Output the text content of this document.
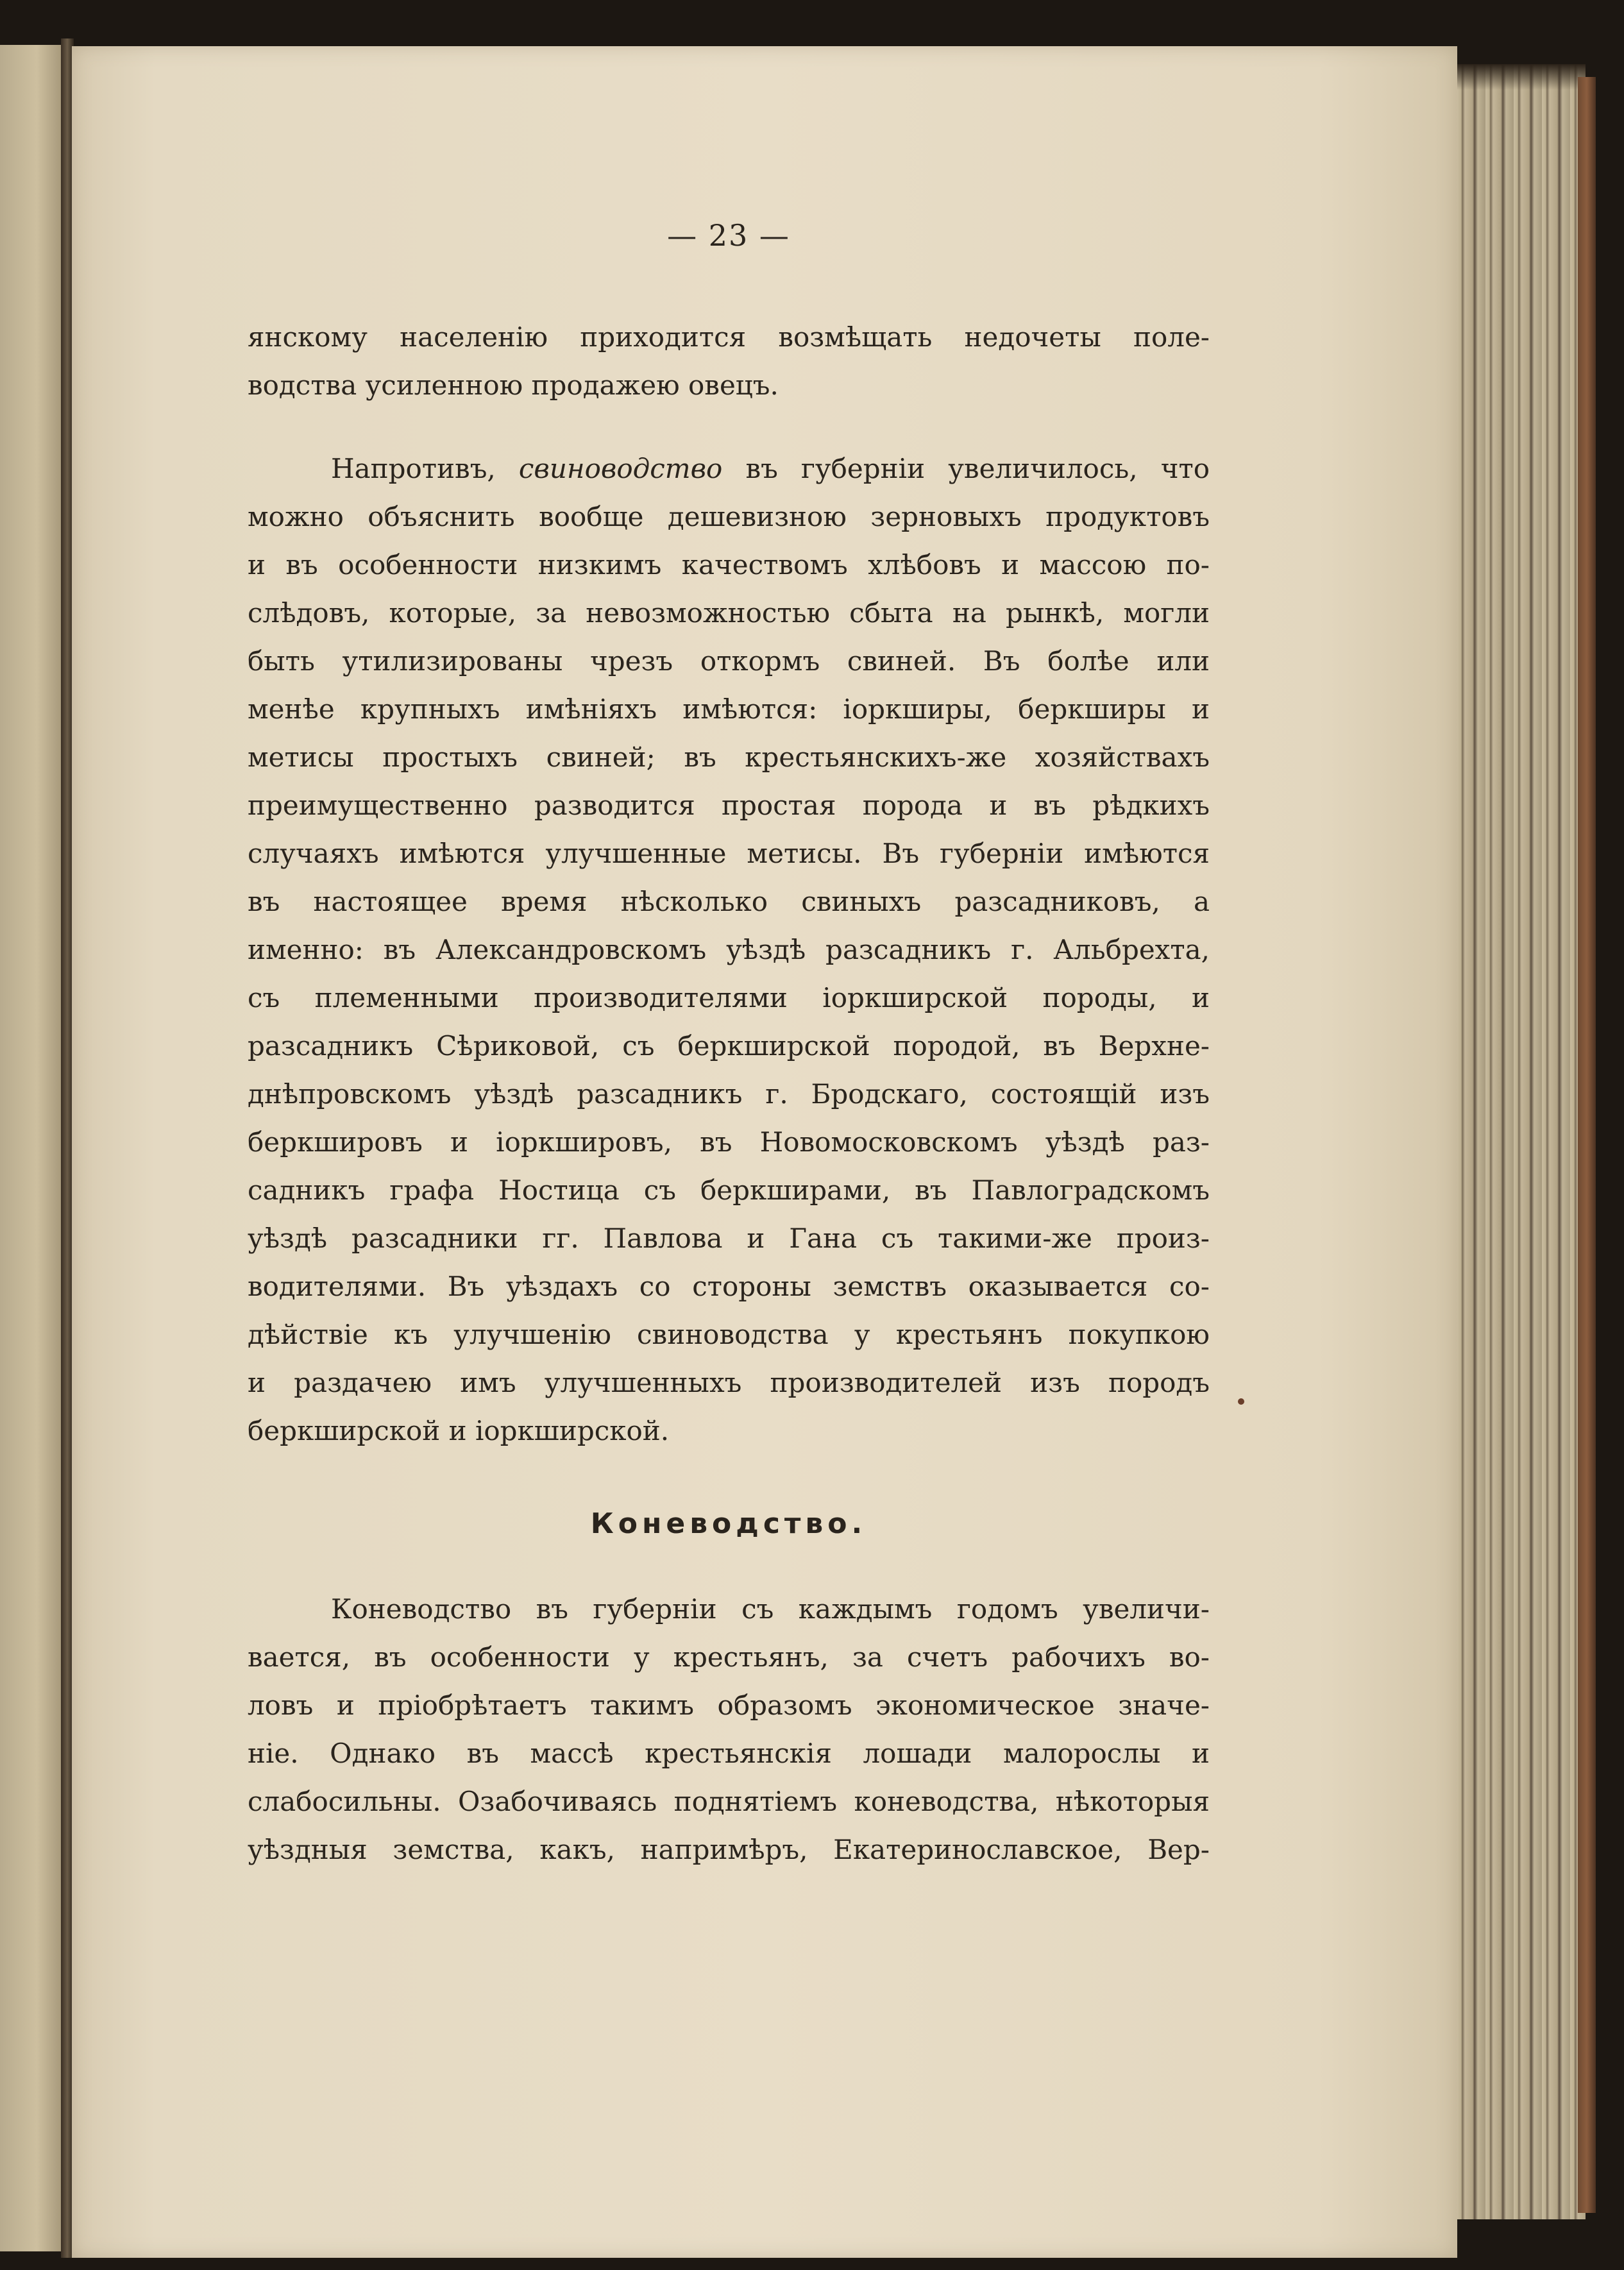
— 23 —
янскому населенію приходится возмѣщать недочеты поле-
водства усиленною продажею овецъ.
Напротивъ, свиноводство въ губерніи увеличилось, что
можно объяснить вообще дешевизною зерновыхъ продуктовъ
и въ особенности низкимъ качествомъ хлѣбовъ и массою по-
слѣдовъ, которые, за невозможностью сбыта на рынкѣ, могли
быть утилизированы чрезъ откормъ свиней. Въ болѣе или
менѣе крупныхъ имѣніяхъ имѣются: іоркширы, беркширы и
метисы простыхъ свиней; въ крестьянскихъ-же хозяйствахъ
преимущественно разводится простая порода и въ рѣдкихъ
случаяхъ имѣются улучшенные метисы. Въ губерніи имѣются
въ настоящее время нѣсколько свиныхъ разсадниковъ, а
именно: въ Александровскомъ уѣздѣ разсадникъ г. Альбрехта,
съ племенными производителями іоркширской породы, и
разсадникъ Сѣриковой, съ беркширской породой, въ Верхне-
днѣпровскомъ уѣздѣ разсадникъ г. Бродскаго, состоящій изъ
беркшировъ и іоркшировъ, въ Новомосковскомъ уѣздѣ раз-
садникъ графа Ностица съ беркширами, въ Павлоградскомъ
уѣздѣ разсадники гг. Павлова и Гана съ такими-же произ-
водителями. Въ уѣздахъ со стороны земствъ оказывается со-
дѣйствіе къ улучшенію свиноводства у крестьянъ покупкою
и раздачею имъ улучшенныхъ производителей изъ породъ
беркширской и іоркширской.
Коневодство.
Коневодство въ губерніи съ каждымъ годомъ увеличи-
вается, въ особенности у крестьянъ, за счетъ рабочихъ во-
ловъ и пріобрѣтаетъ такимъ образомъ экономическое значе-
ніе. Однако въ массѣ крестьянскія лошади малорослы и
слабосильны. Озабочиваясь поднятіемъ коневодства, нѣкоторыя
уѣздныя земства, какъ, напримѣръ, Екатеринославское, Вер-
